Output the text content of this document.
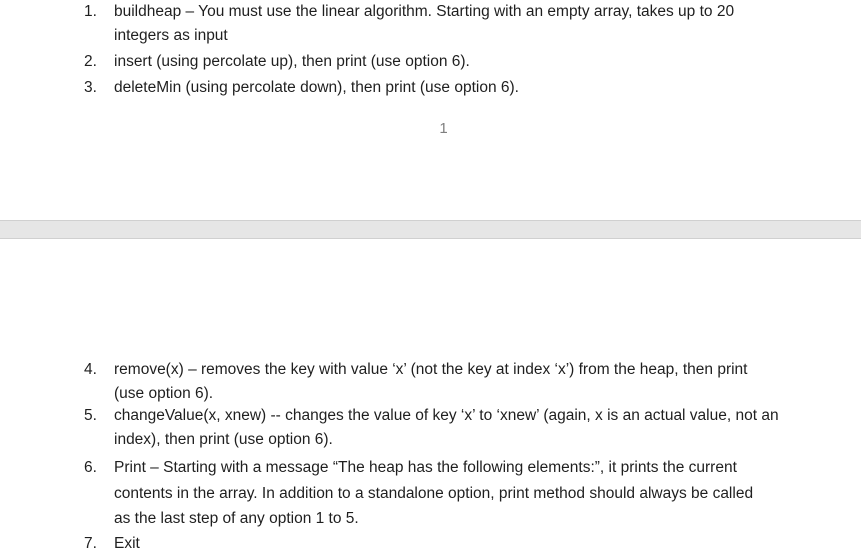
1.	buildheap – You must use the linear algorithm. Starting with an empty array, takes up to 20
integers as input
2.	insert (using percolate up), then print (use option 6).
3.	deleteMin (using percolate down), then print (use option 6).
1
4.	remove(x) – removes the key with value ‘x’ (not the key at index ‘x’) from the heap, then print
(use option 6).
5.	changeValue(x, xnew) -- changes the value of key ‘x’ to ‘xnew’ (again, x is an actual value, not an
index), then print (use option 6).
6.	Print – Starting with a message “The heap has the following elements:”, it prints the current
contents in the array. In addition to a standalone option, print method should always be called
as the last step of any option 1 to 5.
7.	Exit
